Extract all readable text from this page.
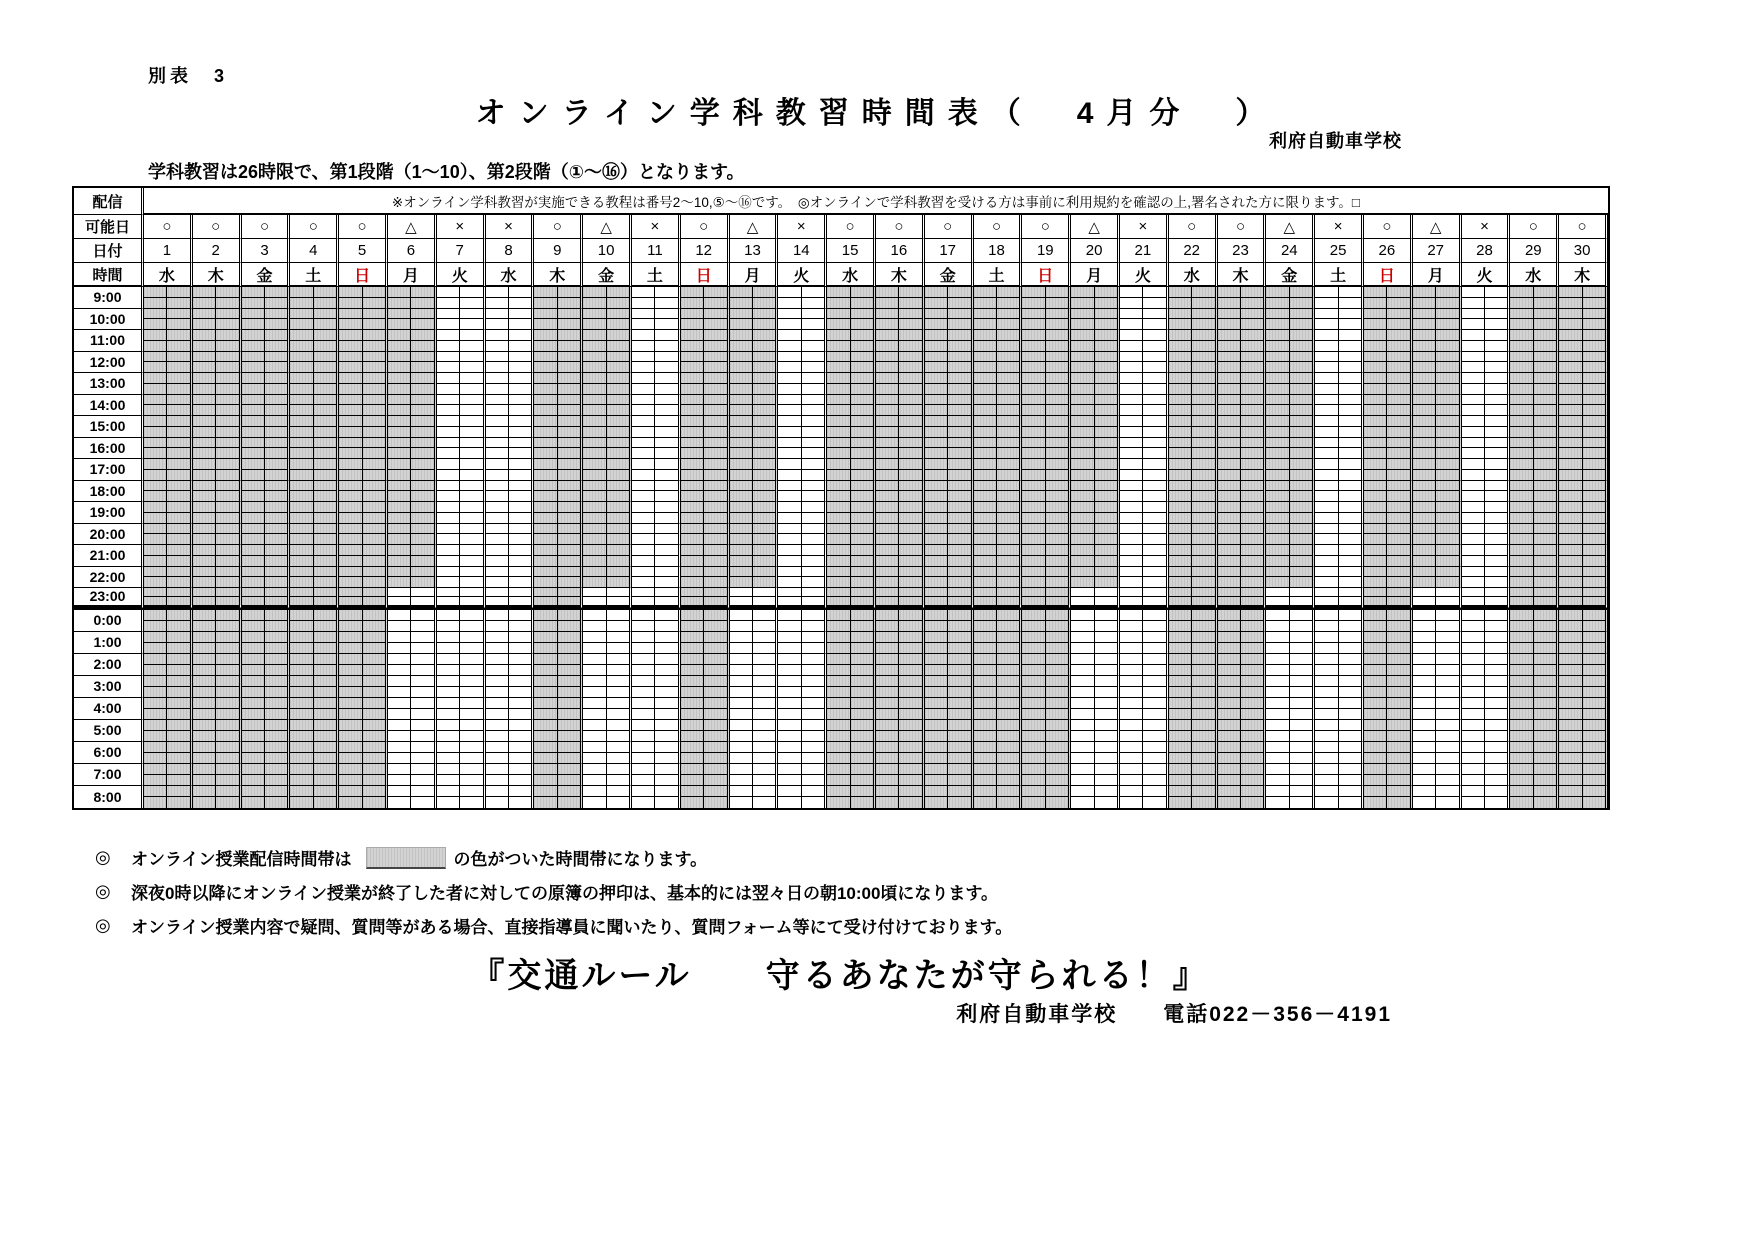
別表　3
オンライン学科教習時間表（　4月分　）
利府自動車学校
学科教習は26時限で、第1段階（1～10）、第2段階（①～⑯）となります。
配信	※オンライン学科教習が実施できる教程は番号2～10,⑤～⑯です。　◎オンラインで学科教習を受ける方は事前に利用規約を確認の上,署名された方に限ります。□
可能日	○	○	○	○	○	△	×	×	○	△	×	○	△	×	○	○	○	○	○	△	×	○	○	△	×	○	△	×	○	○
日付	1	2	3	4	5	6	7	8	9	10	11	12	13	14	15	16	17	18	19	20	21	22	23	24	25	26	27	28	29	30
時間	水	木	金	土	日	月	火	水	木	金	土	日	月	火	水	木	金	土	日	月	火	水	木	金	土	日	月	火	水	木
9:00
10:00
11:00
12:00
13:00
14:00
15:00
16:00
17:00
18:00
19:00
20:00
21:00
22:00
23:00
0:00
1:00
2:00
3:00
4:00
5:00
6:00
7:00
8:00
◎	オンライン授業配信時間帯は	の色がついた時間帯になります。
◎	深夜0時以降にオンライン授業が終了した者に対しての原簿の押印は、基本的には翌々日の朝10:00頃になります。
◎	オンライン授業内容で疑問、質問等がある場合、直接指導員に聞いたり、質問フォーム等にて受け付けております。
『交通ルール　　守るあなたが守られる！』
利府自動車学校　　電話022－356－4191
